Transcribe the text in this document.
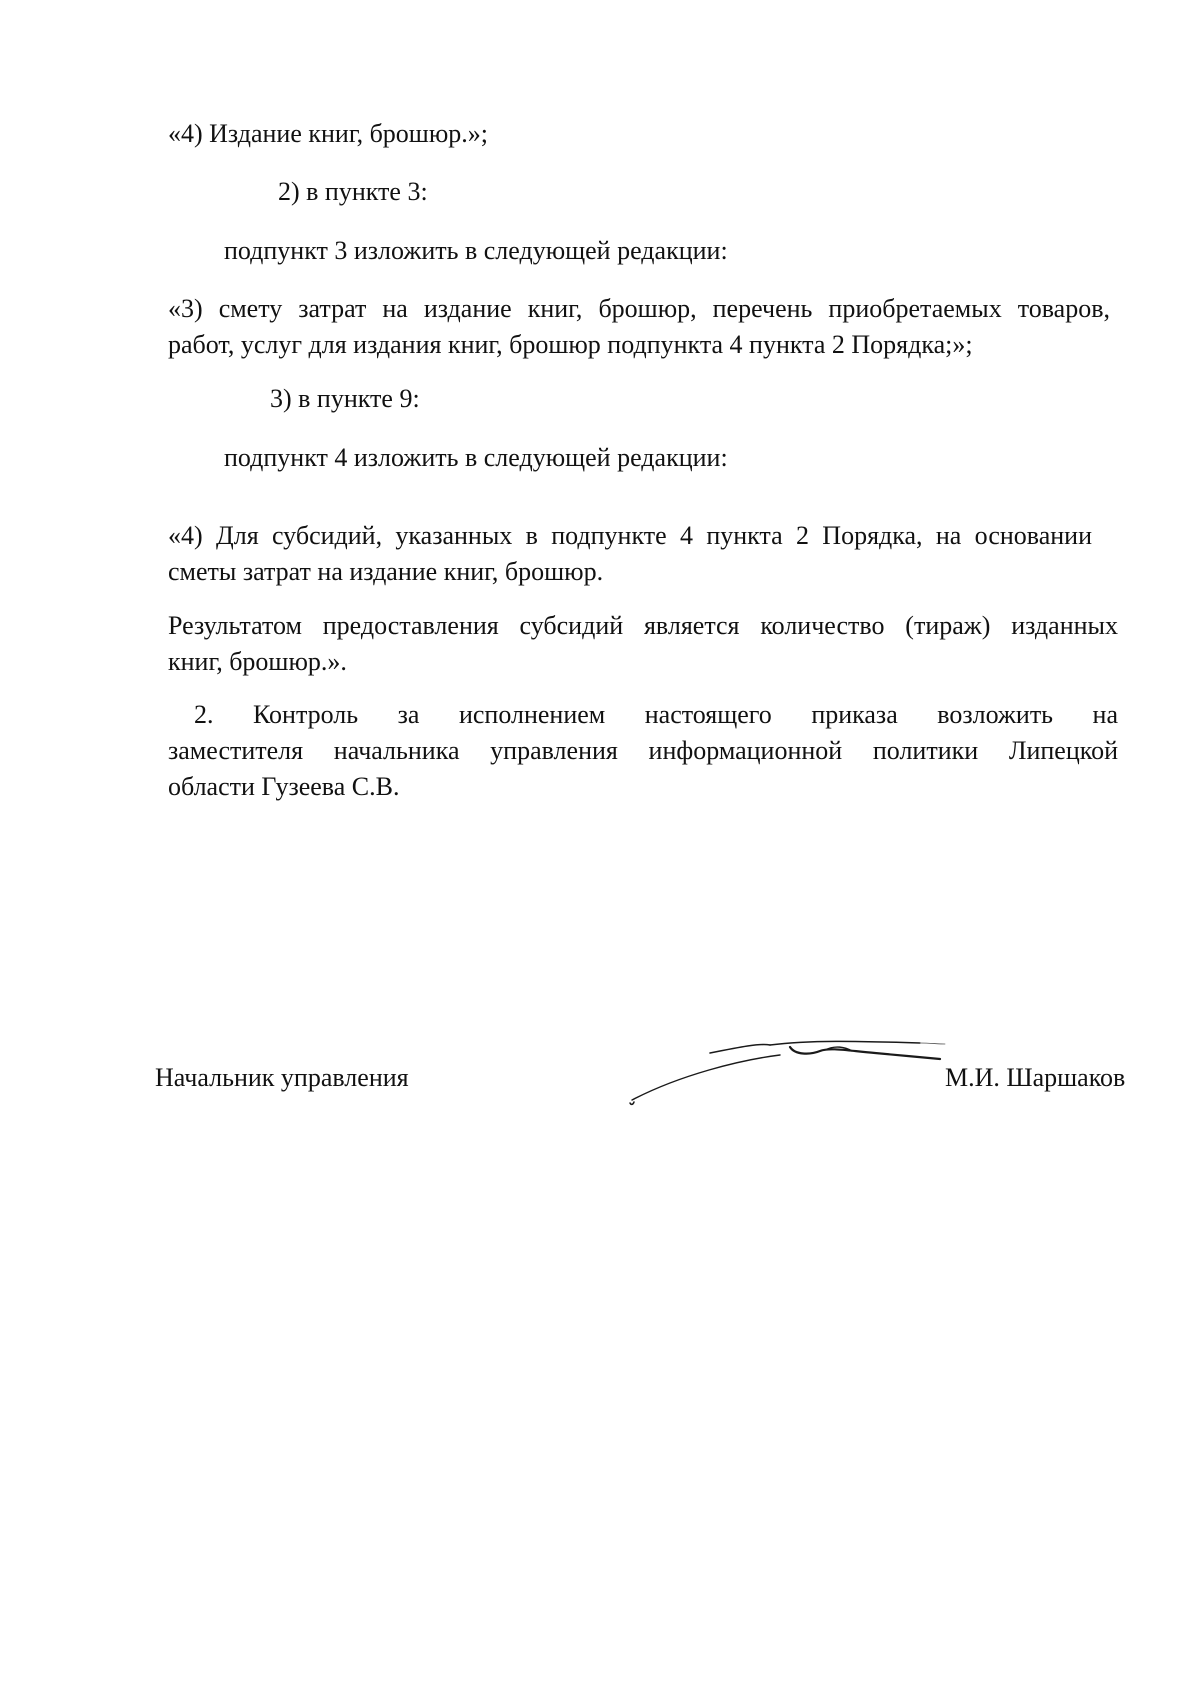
«4) Издание книг, брошюр.»;

2) в пункте 3:

подпункт 3 изложить в следующей редакции:

«3) смету затрат на издание книг, брошюр, перечень приобретаемых товаров,
работ, услуг для издания книг, брошюр подпункта 4 пункта 2 Порядка;»;

3) в пункте 9:

подпункт 4 изложить в следующей редакции:

«4) Для субсидий, указанных в подпункте 4 пункта 2 Порядка, на основании
сметы затрат на издание книг, брошюр.
Результатом предоставления субсидий является количество (тираж) изданных
книг, брошюр.».
2. Контроль за исполнением настоящего приказа возложить на
заместителя начальника управления информационной политики Липецкой
области Гузеева С.В.
Начальник управления	М.И. Шаршаков
